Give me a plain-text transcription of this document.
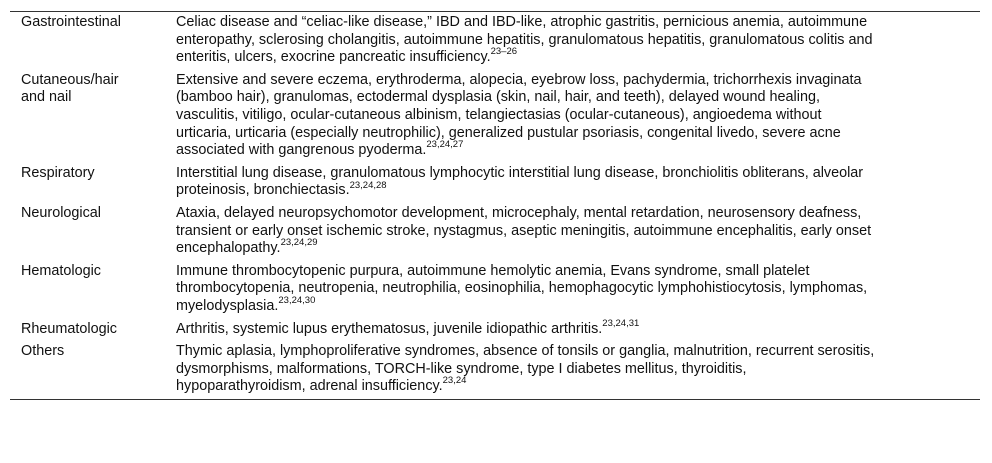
Gastrointestinal	Celiac disease and “celiac-like disease,” IBD and IBD-like, atrophic gastritis, pernicious anemia, autoimmune
enteropathy, sclerosing cholangitis, autoimmune hepatitis, granulomatous hepatitis, granulomatous colitis and
enteritis, ulcers, exocrine pancreatic insufficiency.$^{23-26}$
Cutaneous/hair
and nail	Extensive and severe eczema, erythroderma, alopecia, eyebrow loss, pachydermia, trichorrhexis invaginata
(bamboo hair), granulomas, ectodermal dysplasia (skin, nail, hair, and teeth), delayed wound healing,
vasculitis, vitiligo, ocular-cutaneous albinism, telangiectasias (ocular-cutaneous), angioedema without
urticaria, urticaria (especially neutrophilic), generalized pustular psoriasis, congenital livedo, severe acne
associated with gangrenous pyoderma.$^{23,24,27}$
Respiratory	Interstitial lung disease, granulomatous lymphocytic interstitial lung disease, bronchiolitis obliterans, alveolar
proteinosis, bronchiectasis.$^{23,24,28}$
Neurological	Ataxia, delayed neuropsychomotor development, microcephaly, mental retardation, neurosensory deafness,
transient or early onset ischemic stroke, nystagmus, aseptic meningitis, autoimmune encephalitis, early onset
encephalopathy.$^{23,24,29}$
Hematologic	Immune thrombocytopenic purpura, autoimmune hemolytic anemia, Evans syndrome, small platelet
thrombocytopenia, neutropenia, neutrophilia, eosinophilia, hemophagocytic lymphohistiocytosis, lymphomas,
myelodysplasia.$^{23,24,30}$
Rheumatologic	Arthritis, systemic lupus erythematosus, juvenile idiopathic arthritis.$^{23,24,31}$
Others	Thymic aplasia, lymphoproliferative syndromes, absence of tonsils or ganglia, malnutrition, recurrent serositis,
dysmorphisms, malformations, TORCH-like syndrome, type I diabetes mellitus, thyroiditis,
hypoparathyroidism, adrenal insufficiency.$^{23,24}$
